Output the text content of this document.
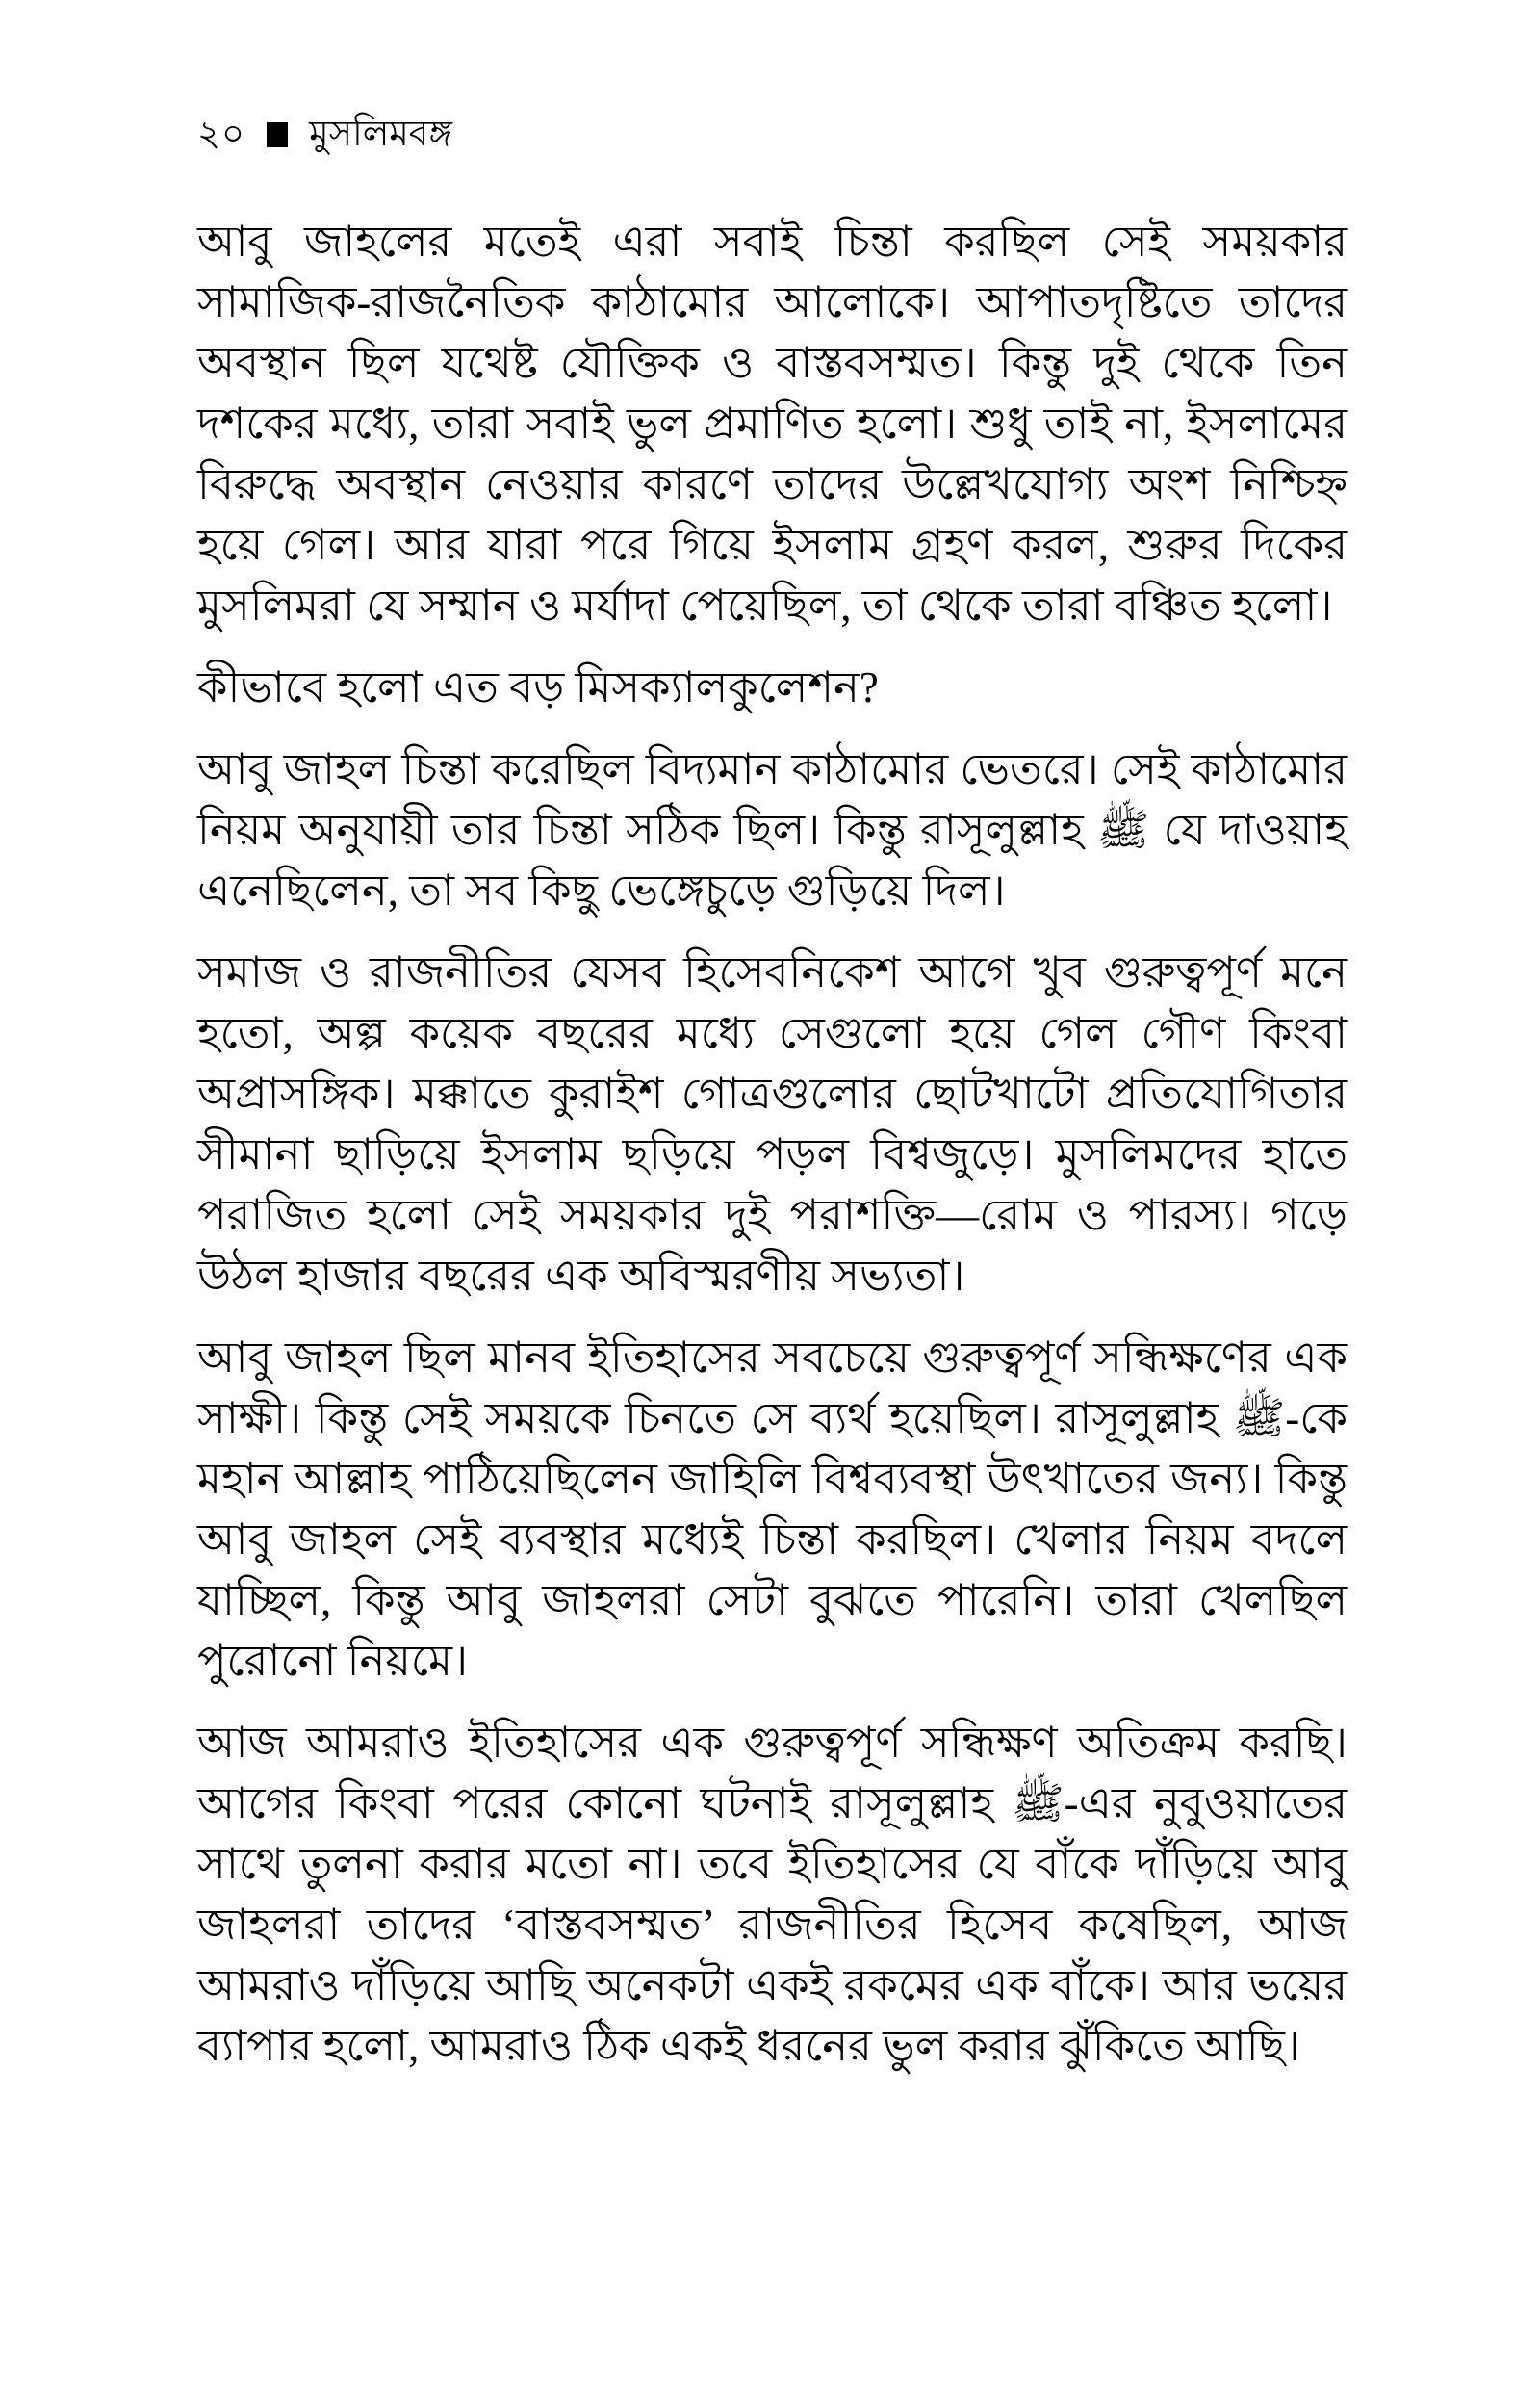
২০ মুসলিমবঙ্গ

আবু জাহলের মতেই এরা সবাই চিন্তা করছিল সেই সময়কার সামাজিক-রাজনৈতিক কাঠামোর আলোকে। আপাতদৃষ্টিতে তাদের অবস্থান ছিল যথেষ্ট যৌক্তিক ও বাস্তবসম্মত। কিন্তু দুই থেকে তিন দশকের মধ্যে, তারা সবাই ভুল প্রমাণিত হলো। শুধু তাই না, ইসলামের বিরুদ্ধে অবস্থান নেওয়ার কারণে তাদের উল্লেখযোগ্য অংশ নিশ্চিহ্ন হয়ে গেল। আর যারা পরে গিয়ে ইসলাম গ্রহণ করল, শুরুর দিকের মুসলিমরা যে সম্মান ও মর্যাদা পেয়েছিল, তা থেকে তারা বঞ্চিত হলো।

কীভাবে হলো এত বড় মিসক্যালকুলেশন?

আবু জাহল চিন্তা করেছিল বিদ্যমান কাঠামোর ভেতরে। সেই কাঠামোর নিয়ম অনুযায়ী তার চিন্তা সঠিক ছিল। কিন্তু রাসূলুল্লাহ ﷺ যে দাওয়াহ এনেছিলেন, তা সব কিছু ভেঙ্গেচুড়ে গুড়িয়ে দিল।

সমাজ ও রাজনীতির যেসব হিসেবনিকেশ আগে খুব গুরুত্বপূর্ণ মনে হতো, অল্প কয়েক বছরের মধ্যে সেগুলো হয়ে গেল গৌণ কিংবা অপ্রাসঙ্গিক। মক্কাতে কুরাইশ গোত্রগুলোর ছোটখাটো প্রতিযোগিতার সীমানা ছাড়িয়ে ইসলাম ছড়িয়ে পড়ল বিশ্বজুড়ে। মুসলিমদের হাতে পরাজিত হলো সেই সময়কার দুই পরাশক্তি—রোম ও পারস্য। গড়ে উঠল হাজার বছরের এক অবিস্মরণীয় সভ্যতা।

আবু জাহল ছিল মানব ইতিহাসের সবচেয়ে গুরুত্বপূর্ণ সন্ধিক্ষণের এক সাক্ষী। কিন্তু সেই সময়কে চিনতে সে ব্যর্থ হয়েছিল। রাসূলুল্লাহ ﷺ-কে মহান আল্লাহ পাঠিয়েছিলেন জাহিলি বিশ্বব্যবস্থা উৎখাতের জন্য। কিন্তু আবু জাহল সেই ব্যবস্থার মধ্যেই চিন্তা করছিল। খেলার নিয়ম বদলে যাচ্ছিল, কিন্তু আবু জাহলরা সেটা বুঝতে পারেনি। তারা খেলছিল পুরোনো নিয়মে।

আজ আমরাও ইতিহাসের এক গুরুত্বপূর্ণ সন্ধিক্ষণ অতিক্রম করছি। আগের কিংবা পরের কোনো ঘটনাই রাসূলুল্লাহ ﷺ-এর নুবুওয়াতের সাথে তুলনা করার মতো না। তবে ইতিহাসের যে বাঁকে দাঁড়িয়ে আবু জাহলরা তাদের ‘বাস্তবসম্মত’ রাজনীতির হিসেব কষেছিল, আজ আমরাও দাঁড়িয়ে আছি অনেকটা একই রকমের এক বাঁকে। আর ভয়ের ব্যাপার হলো, আমরাও ঠিক একই ধরনের ভুল করার ঝুঁকিতে আছি।
